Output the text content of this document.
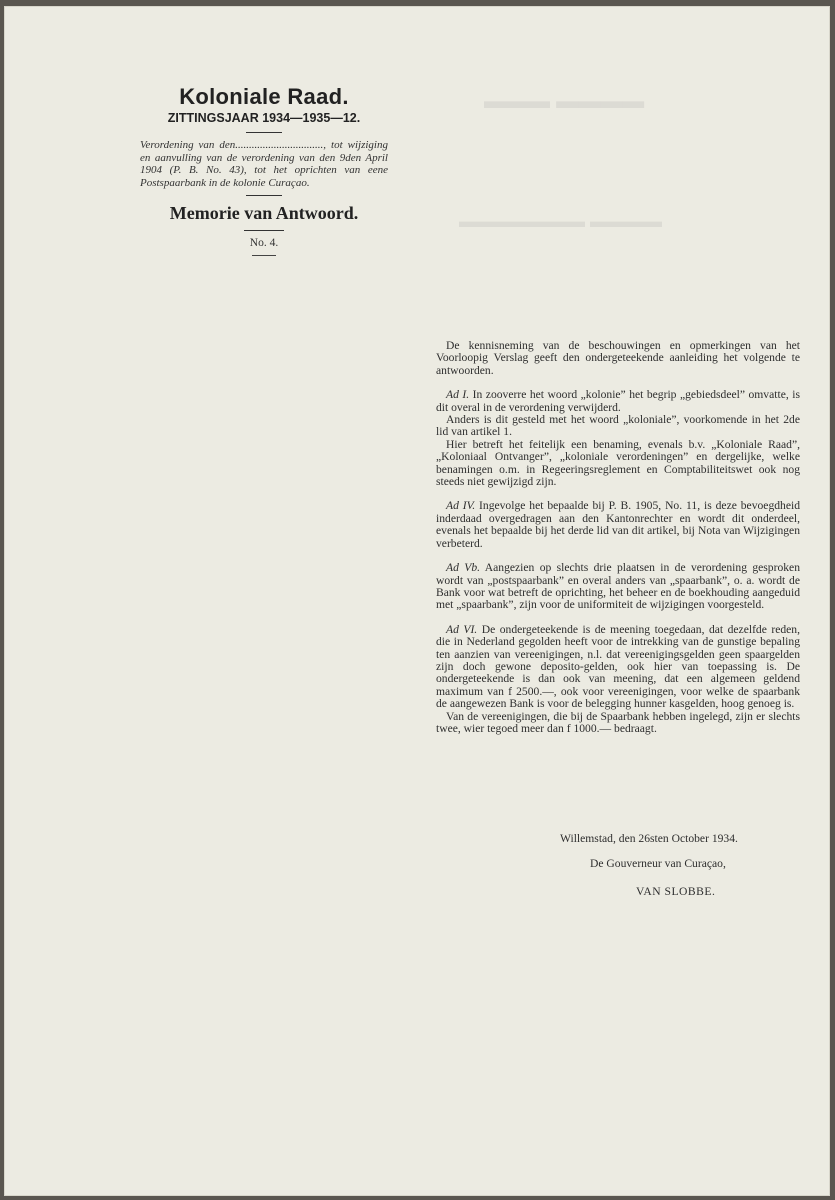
▬▬▬▬ ▬▬▬
▬▬▬▬ ▬▬▬▬▬▬▬
Koloniale Raad.
ZITTINGSJAAR 1934—1935—12.
Verordening van den................................, tot wijziging en aanvulling van de verordening van den 9den April 1904 (P. B. No. 43), tot het oprichten van eene Postspaarbank in de kolonie Curaçao.
Memorie van Antwoord.
No. 4.

De kennisneming van de beschouwingen en opmerkingen van het Voorloopig Verslag geeft den ondergeteekende aanleiding het volgende te antwoorden.

Ad I. In zooverre het woord „kolonie” het begrip „gebiedsdeel” omvatte, is dit overal in de verordening verwijderd.

Anders is dit gesteld met het woord „koloniale”, voorkomende in het 2de lid van artikel 1.

Hier betreft het feitelijk een benaming, evenals b.v. „Koloniale Raad”, „Koloniaal Ontvanger”, „koloniale verordeningen” en dergelijke, welke benamingen o.m. in Regeeringsreglement en Comptabiliteitswet ook nog steeds niet gewijzigd zijn.

Ad IV. Ingevolge het bepaalde bij P. B. 1905, No. 11, is deze bevoegdheid inderdaad overgedragen aan den Kantonrechter en wordt dit onderdeel, evenals het bepaalde bij het derde lid van dit artikel, bij Nota van Wijzigingen verbeterd.

Ad Vb. Aangezien op slechts drie plaatsen in de verordening gesproken wordt van „postspaarbank” en overal anders van „spaarbank”, o. a. wordt de Bank voor wat betreft de oprichting, het beheer en de boekhouding aangeduid met „spaarbank”, zijn voor de uniformiteit de wijzigingen voorgesteld.

Ad VI. De ondergeteekende is de meening toegedaan, dat dezelfde reden, die in Nederland gegolden heeft voor de intrekking van de gunstige bepaling ten aanzien van vereenigingen, n.l. dat vereenigingsgelden geen spaargelden zijn doch gewone deposito-gelden, ook hier van toepassing is. De ondergeteekende is dan ook van meening, dat een algemeen geldend maximum van f 2500.—, ook voor vereenigingen, voor welke de spaarbank de aangewezen Bank is voor de belegging hunner kasgelden, hoog genoeg is.

Van de vereenigingen, die bij de Spaarbank hebben ingelegd, zijn er slechts twee, wier tegoed meer dan f 1000.— bedraagt.

Willemstad, den 26sten October 1934.
De Gouverneur van Curaçao,
VAN SLOBBE.
